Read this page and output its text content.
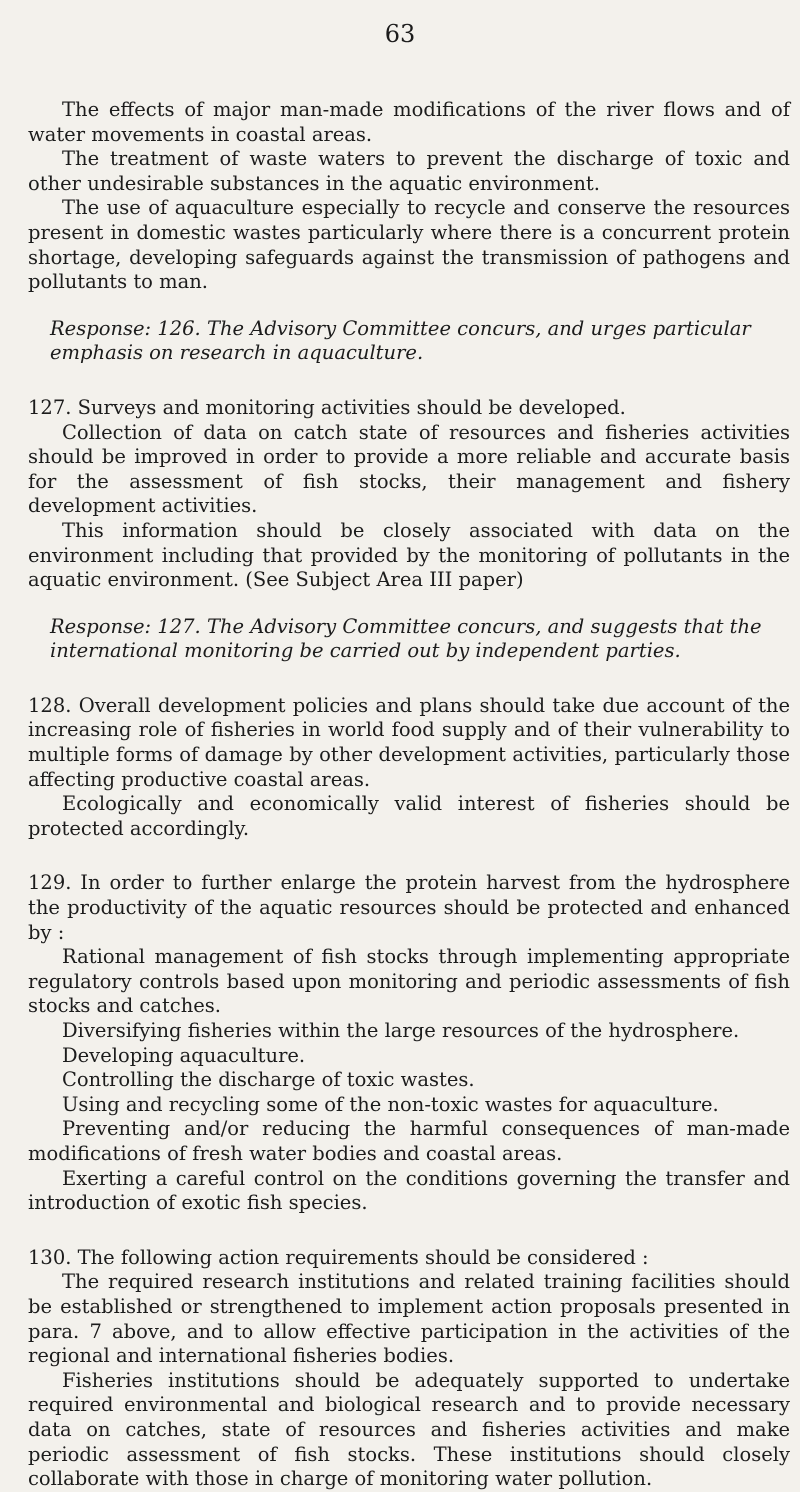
63

The effects of major man-made modifications of the river flows and of water movements in coastal areas.

The treatment of waste waters to prevent the discharge of toxic and other undesirable substances in the aquatic environment.

The use of aquaculture especially to recycle and conserve the resources present in domestic wastes particularly where there is a concurrent protein shortage, developing safeguards against the transmission of pathogens and pollutants to man.

Response: 126. The Advisory Committee concurs, and urges particular emphasis on research in aquaculture.

127. Surveys and monitoring activities should be developed.

Collection of data on catch state of resources and fisheries activities should be improved in order to provide a more reliable and accurate basis for the assessment of fish stocks, their management and fishery development activities.

This information should be closely associated with data on the environment including that provided by the monitoring of pollutants in the aquatic environment. (See Subject Area III paper)

Response: 127. The Advisory Committee concurs, and suggests that the international monitoring be carried out by independent parties.

128. Overall development policies and plans should take due account of the increasing role of fisheries in world food supply and of their vulnerability to multiple forms of damage by other development activities, particularly those affecting productive coastal areas.

Ecologically and economically valid interest of fisheries should be protected accordingly.

129. In order to further enlarge the protein harvest from the hydrosphere the productivity of the aquatic resources should be protected and enhanced by :

Rational management of fish stocks through implementing appropriate regulatory controls based upon monitoring and periodic assessments of fish stocks and catches.

Diversifying fisheries within the large resources of the hydrosphere.

Developing aquaculture.

Controlling the discharge of toxic wastes.

Using and recycling some of the non-toxic wastes for aquaculture.

Preventing and/or reducing the harmful consequences of man-made modifications of fresh water bodies and coastal areas.

Exerting a careful control on the conditions governing the transfer and introduction of exotic fish species.

130. The following action requirements should be considered :

The required research institutions and related training facilities should be established or strengthened to implement action proposals presented in para. 7 above, and to allow effective participation in the activities of the regional and international fisheries bodies.

Fisheries institutions should be adequately supported to undertake required environmental and biological research and to provide necessary data on catches, state of resources and fisheries activities and make periodic assessment of fish stocks. These institutions should closely collaborate with those in charge of monitoring water pollution.
